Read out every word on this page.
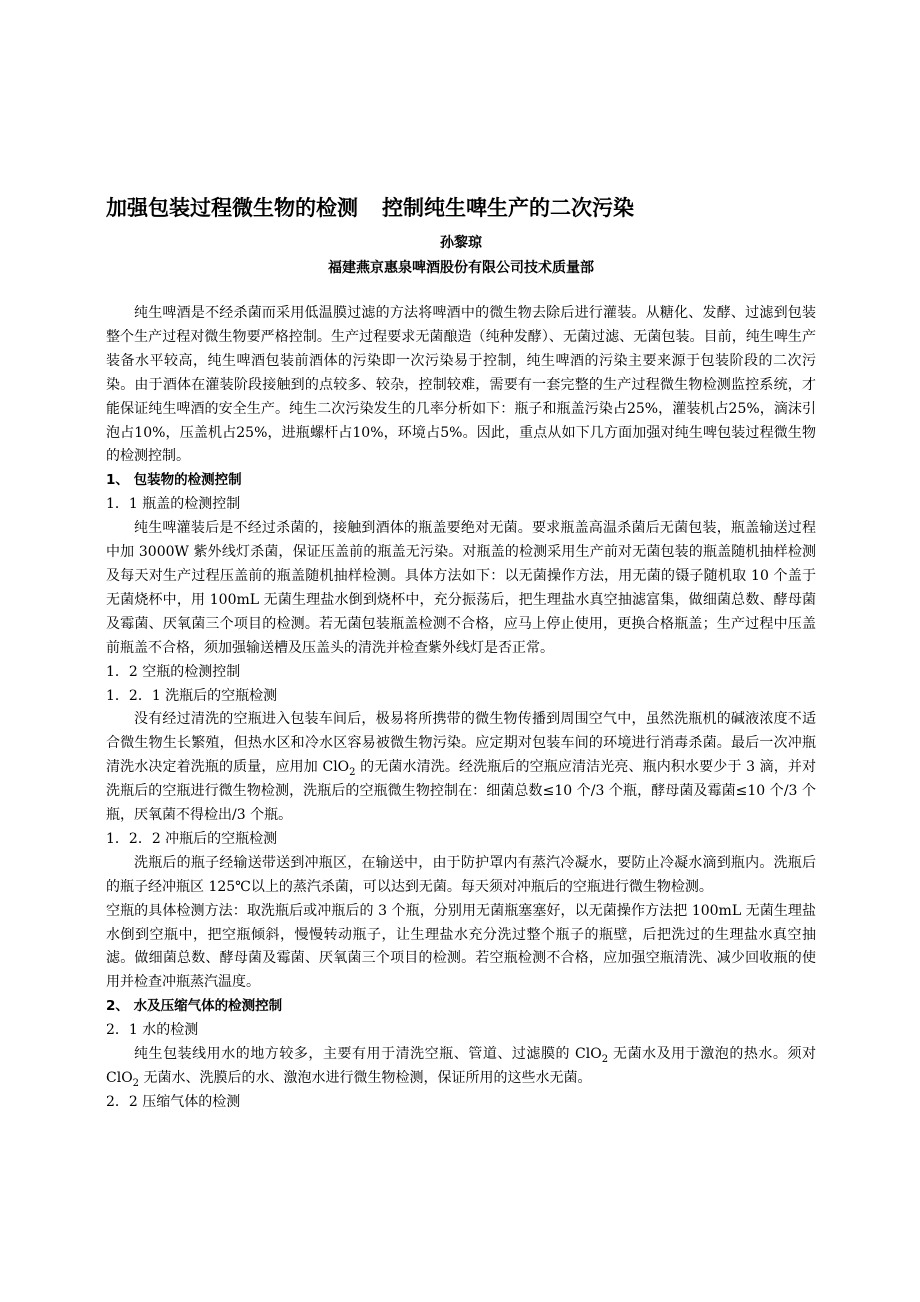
加强包装过程微生物的检测 控制纯生啤生产的二次污染
孙黎琼
福建燕京惠泉啤酒股份有限公司技术质量部

纯生啤酒是不经杀菌而采用低温膜过滤的方法将啤酒中的微生物去除后进行灌装。从糖化、发酵、过滤到包装整个生产过程对微生物要严格控制。生产过程要求无菌酿造（纯种发酵）、无菌过滤、无菌包装。目前，纯生啤生产装备水平较高，纯生啤酒包装前酒体的污染即一次污染易于控制，纯生啤酒的污染主要来源于包装阶段的二次污染。由于酒体在灌装阶段接触到的点较多、较杂，控制较难，需要有一套完整的生产过程微生物检测监控系统，才能保证纯生啤酒的安全生产。纯生二次污染发生的几率分析如下：瓶子和瓶盖污染占25%，灌装机占25%，滴沫引泡占10%，压盖机占25%，进瓶螺杆占10%，环境占5%。因此，重点从如下几方面加强对纯生啤包装过程微生物的检测控制。

1、 包装物的检测控制

1．1 瓶盖的检测控制

纯生啤灌装后是不经过杀菌的，接触到酒体的瓶盖要绝对无菌。要求瓶盖高温杀菌后无菌包装，瓶盖输送过程中加 3000W 紫外线灯杀菌，保证压盖前的瓶盖无污染。对瓶盖的检测采用生产前对无菌包装的瓶盖随机抽样检测及每天对生产过程压盖前的瓶盖随机抽样检测。具体方法如下：以无菌操作方法，用无菌的镊子随机取 10 个盖于无菌烧杯中，用 100mL 无菌生理盐水倒到烧杯中，充分振荡后，把生理盐水真空抽滤富集，做细菌总数、酵母菌及霉菌、厌氧菌三个项目的检测。若无菌包装瓶盖检测不合格，应马上停止使用，更换合格瓶盖；生产过程中压盖前瓶盖不合格，须加强输送槽及压盖头的清洗并检查紫外线灯是否正常。

1．2 空瓶的检测控制

1．2．1 洗瓶后的空瓶检测

没有经过清洗的空瓶进入包装车间后，极易将所携带的微生物传播到周围空气中，虽然洗瓶机的碱液浓度不适合微生物生长繁殖，但热水区和冷水区容易被微生物污染。应定期对包装车间的环境进行消毒杀菌。最后一次冲瓶清洗水决定着洗瓶的质量，应用加 ClO$_2$ 的无菌水清洗。经洗瓶后的空瓶应清洁光亮、瓶内积水要少于 3 滴，并对洗瓶后的空瓶进行微生物检测，洗瓶后的空瓶微生物控制在：细菌总数≤10 个/3 个瓶，酵母菌及霉菌≤10 个/3 个瓶，厌氧菌不得检出/3 个瓶。

1．2．2 冲瓶后的空瓶检测

洗瓶后的瓶子经输送带送到冲瓶区，在输送中，由于防护罩内有蒸汽冷凝水，要防止冷凝水滴到瓶内。洗瓶后的瓶子经冲瓶区 125℃以上的蒸汽杀菌，可以达到无菌。每天须对冲瓶后的空瓶进行微生物检测。

空瓶的具体检测方法：取洗瓶后或冲瓶后的 3 个瓶，分别用无菌瓶塞塞好，以无菌操作方法把 100mL 无菌生理盐水倒到空瓶中，把空瓶倾斜，慢慢转动瓶子，让生理盐水充分洗过整个瓶子的瓶壁，后把洗过的生理盐水真空抽滤。做细菌总数、酵母菌及霉菌、厌氧菌三个项目的检测。若空瓶检测不合格，应加强空瓶清洗、减少回收瓶的使用并检查冲瓶蒸汽温度。

2、 水及压缩气体的检测控制

2．1 水的检测

纯生包装线用水的地方较多，主要有用于清洗空瓶、管道、过滤膜的 ClO$_2$ 无菌水及用于激泡的热水。须对 ClO$_2$ 无菌水、洗膜后的水、激泡水进行微生物检测，保证所用的这些水无菌。

2．2 压缩气体的检测
